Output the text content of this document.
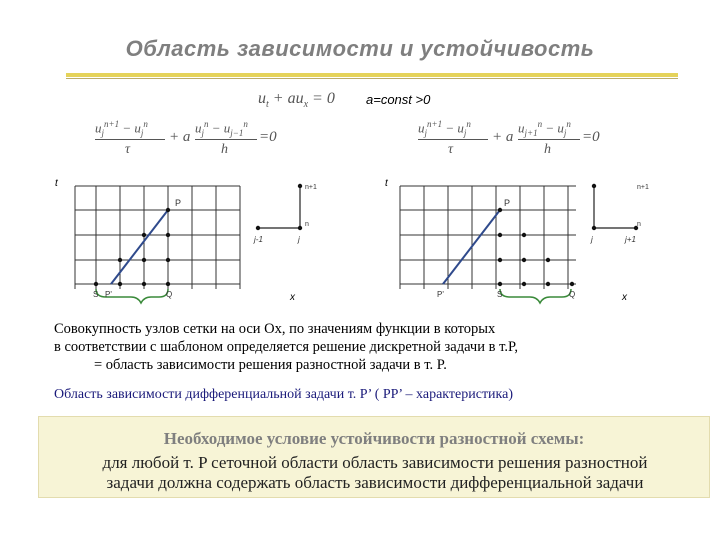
Область зависимости и устойчивость
$u_t + au_x = 0$ a=const >0
$u_j^{n+1} - u_j^n$
τ
+ a
$u_j^n - u_{j-1}^n$
h
=0
$u_j^{n+1} - u_j^n$
τ
+ a
$u_{j+1}^n - u_j^n$
h
=0
t
x
P
S P'	Q
n+1
n
j-1	j
t
x
P
P'	S	Q
n+1
n
j	j+1
Совокупность узлов сетки на оси Ox, по значениям функции в которых
в соответствии с шаблоном определяется решение дискретной задачи в т.P,
= область зависимости решения разностной задачи в т. P.
Область зависимости дифференциальной задачи т. P’ ( PP’ – характеристика)
Необходимое условие устойчивости разностной схемы:
для любой т. P сеточной области область зависимости решения разностной
задачи должна содержать область зависимости дифференциальной задачи
